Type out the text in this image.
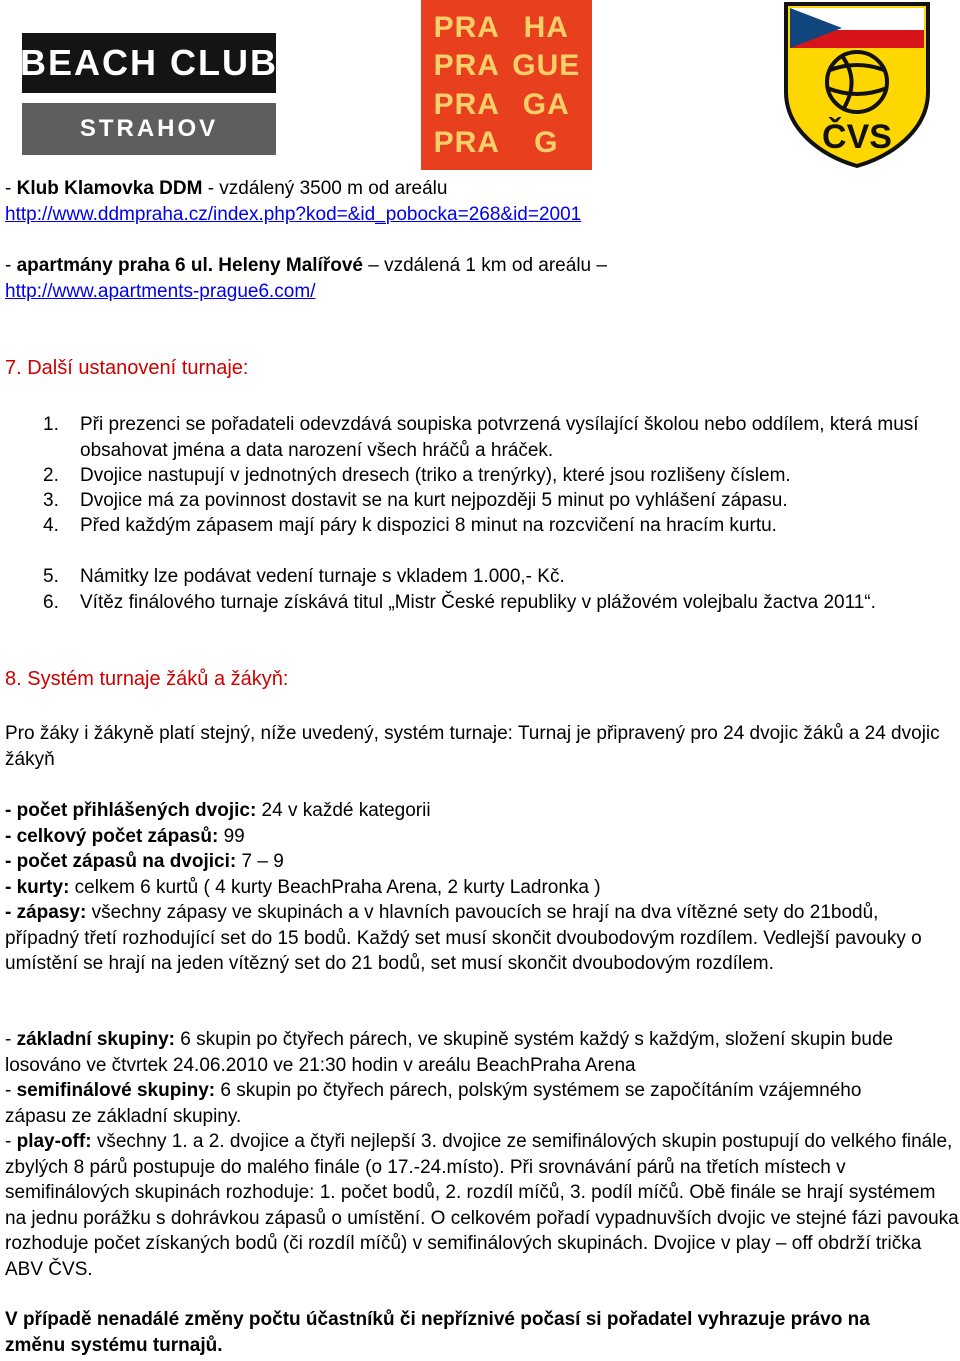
BEACH CLUB
STRAHOV
PRA HA
PRA GUE
PRA GA
PRA G	ČVS

- Klub Klamovka DDM - vzdálený 3500 m od areálu

http://www.ddmpraha.cz/index.php?kod=&id_pobocka=268&id=2001

- apartmány praha 6 ul. Heleny Malířové – vzdálená 1 km od areálu –

http://www.apartments-prague6.com/

7. Další ustanovení turnaje:

1.	Při prezenci se pořadateli odevzdává soupiska potvrzená vysílající školou nebo oddílem, která musí obsahovat jména a data narození všech hráčů a hráček.
2.	Dvojice nastupují v jednotných dresech (triko a trenýrky), které jsou rozlišeny číslem.
3.	Dvojice má za povinnost dostavit se na kurt nejpozději 5 minut po vyhlášení zápasu.
4.	Před každým zápasem mají páry k dispozici 8 minut na rozcvičení na hracím kurtu.
5.	Námitky lze podávat vedení turnaje s vkladem 1.000,- Kč.
6.	Vítěz finálového turnaje získává titul „Mistr České republiky v plážovém volejbalu žactva 2011“.

8. Systém turnaje žáků a žákyň:

Pro žáky i žákyně platí stejný, níže uvedený, systém turnaje: Turnaj je připravený pro 24 dvojic žáků a 24 dvojic žákyň

- počet přihlášených dvojic: 24 v každé kategorii

- celkový počet zápasů: 99

- počet zápasů na dvojici: 7 – 9

- kurty: celkem 6 kurtů ( 4 kurty BeachPraha Arena, 2 kurty Ladronka )

- zápasy: všechny zápasy ve skupinách a v hlavních pavoucích se hrají na dva vítězné sety do 21bodů, případný třetí rozhodující set do 15 bodů. Každý set musí skončit dvoubodovým rozdílem. Vedlejší pavouky o umístění se hrají na jeden vítězný set do 21 bodů, set musí skončit dvoubodovým rozdílem.

- základní skupiny: 6 skupin po čtyřech párech, ve skupině systém každý s každým, složení skupin bude losováno ve čtvrtek 24.06.2010 ve 21:30 hodin v areálu BeachPraha Arena

- semifinálové skupiny: 6 skupin po čtyřech párech, polským systémem se započítáním vzájemného zápasu ze základní skupiny.

- play-off: všechny 1. a 2. dvojice a čtyři nejlepší 3. dvojice ze semifinálových skupin postupují do velkého finále, zbylých 8 párů postupuje do malého finále (o 17.-24.místo). Při srovnávání párů na třetích místech v semifinálových skupinách rozhoduje: 1. počet bodů, 2. rozdíl míčů, 3. podíl míčů. Obě finále se hrají systémem na jednu porážku s dohrávkou zápasů o umístění. O celkovém pořadí vypadnuvších dvojic ve stejné fázi pavouka rozhoduje počet získaných bodů (či rozdíl míčů) v semifinálových skupinách. Dvojice v play – off obdrží trička ABV ČVS.

V případě nenadálé změny počtu účastníků či nepříznivé počasí si pořadatel vyhrazuje právo na změnu systému turnajů.
